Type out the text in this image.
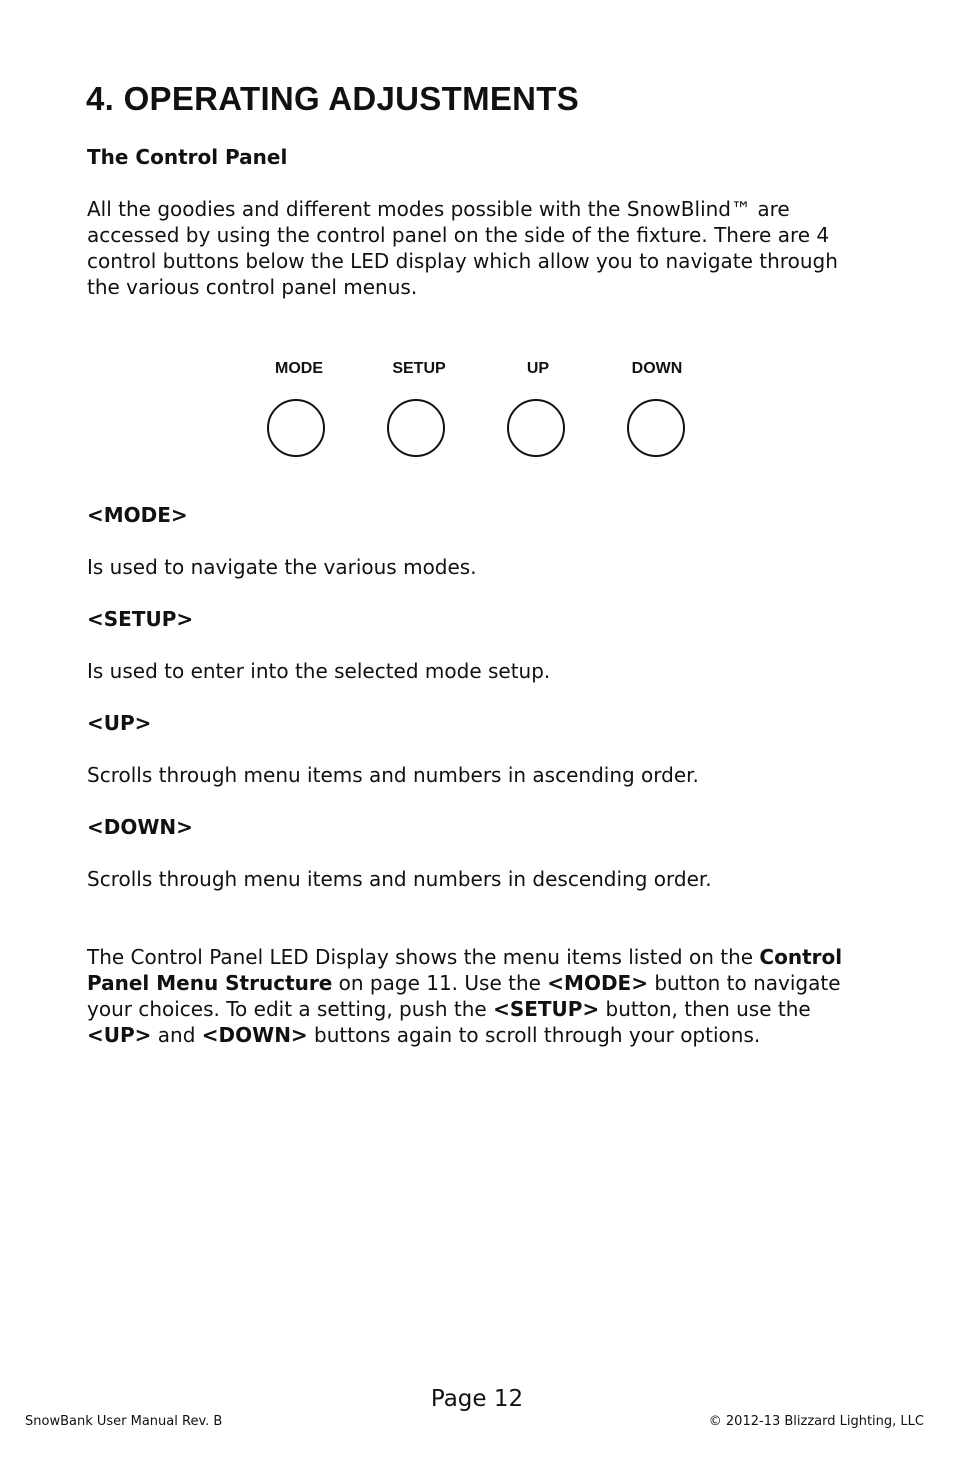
4. OPERATING ADJUSTMENTS
The Control Panel
All the goodies and different modes possible with the SnowBlind™ are accessed by using the control panel on the side of the fixture. There are 4 control buttons below the LED display which allow you to navigate through the various control panel menus.
MODE	SETUP	UP	DOWN
<MODE>
Is used to navigate the various modes.
<SETUP>
Is used to enter into the selected mode setup.
<UP>
Scrolls through menu items and numbers in ascending order.
<DOWN>
Scrolls through menu items and numbers in descending order.
The Control Panel LED Display shows the menu items listed on the Control Panel Menu Structure on page 11. Use the <MODE> button to navigate your choices. To edit a setting, push the <SETUP> button, then use the <UP> and <DOWN> buttons again to scroll through your options.
Page 12
SnowBank User Manual Rev. B	© 2012-13 Blizzard Lighting, LLC
